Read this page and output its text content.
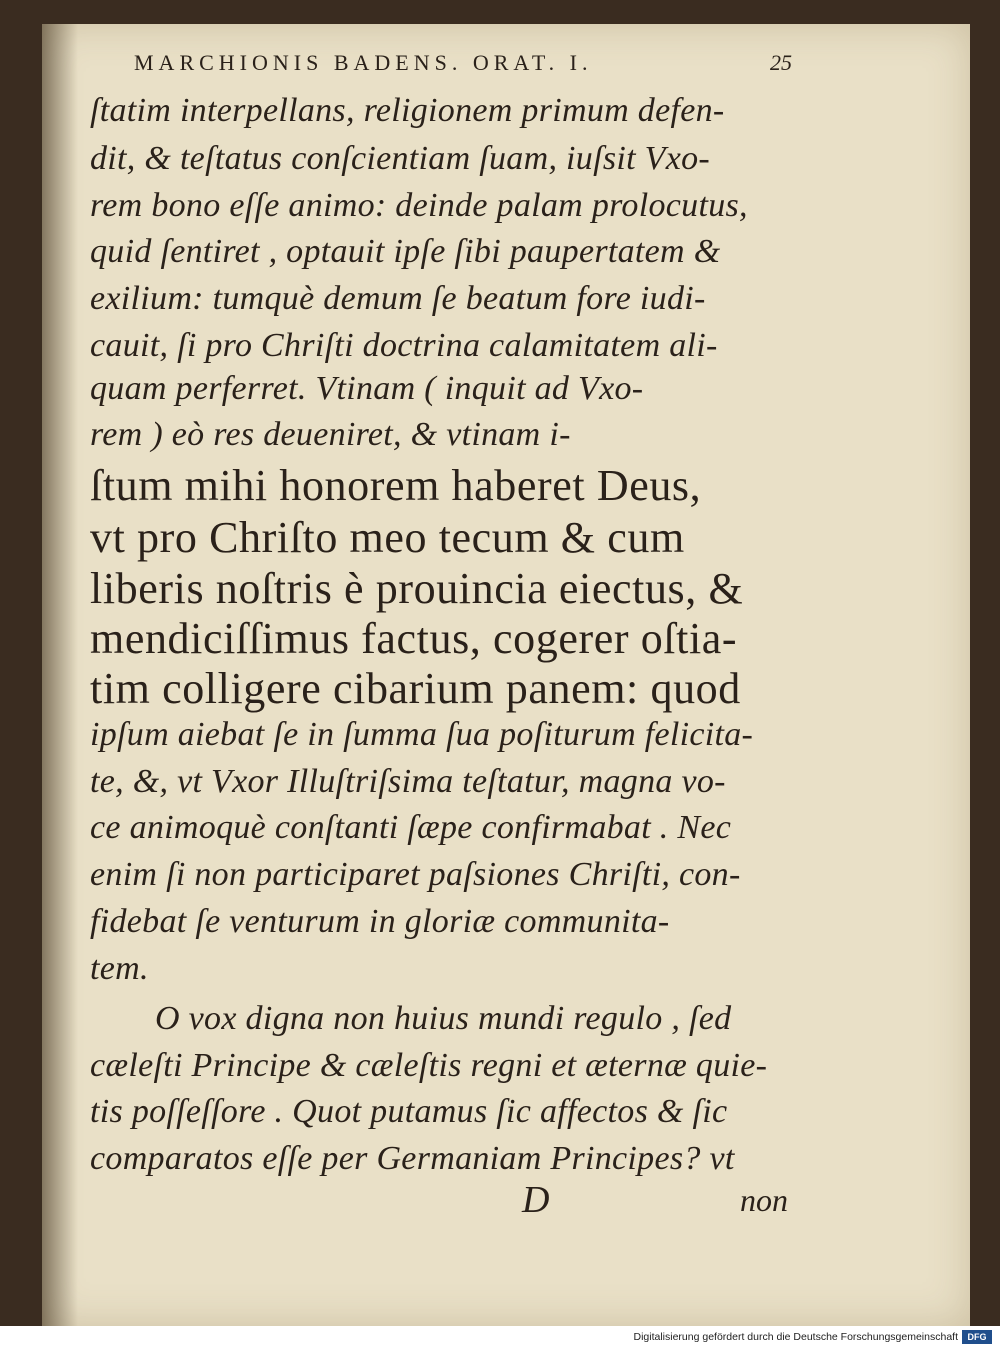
MARCHIONIS BADENS. ORAT. I.	25
ſtatim interpellans, religionem primum defen-
dit, & teſtatus conſcientiam ſuam, iuſsit Vxo-
rem bono eſſe animo: deinde palam prolocutus,
quid ſentiret , optauit ipſe ſibi paupertatem &
exilium: tumquè demum ſe beatum fore iudi-
cauit, ſi pro Chriſti doctrina calamitatem ali-
quam perferret. Vtinam ( inquit ad Vxo-
rem ) eò res deueniret, & vtinam i-
ſtum mihi honorem haberet Deus,
vt pro Chriſto meo tecum & cum
liberis noſtris è prouincia eiectus, &
mendiciſſimus factus, cogerer oſtia-
tim colligere cibarium panem: quod
ipſum aiebat ſe in ſumma ſua poſiturum felicita-
te, &, vt Vxor Illuſtriſsima teſtatur, magna vo-
ce animoquè conſtanti ſæpe confirmabat . Nec
enim ſi non participaret paſsiones Chriſti, con-
fidebat ſe venturum in gloriæ communita-
tem.
O vox digna non huius mundi regulo , ſed
cæleſti Principe & cæleſtis regni et æternæ quie-
tis poſſeſſore . Quot putamus ſic affectos & ſic
comparatos eſſe per Germaniam Principes? vt
D	non
Digitalisierung gefördert durch die Deutsche Forschungsgemeinschaft	DFG
